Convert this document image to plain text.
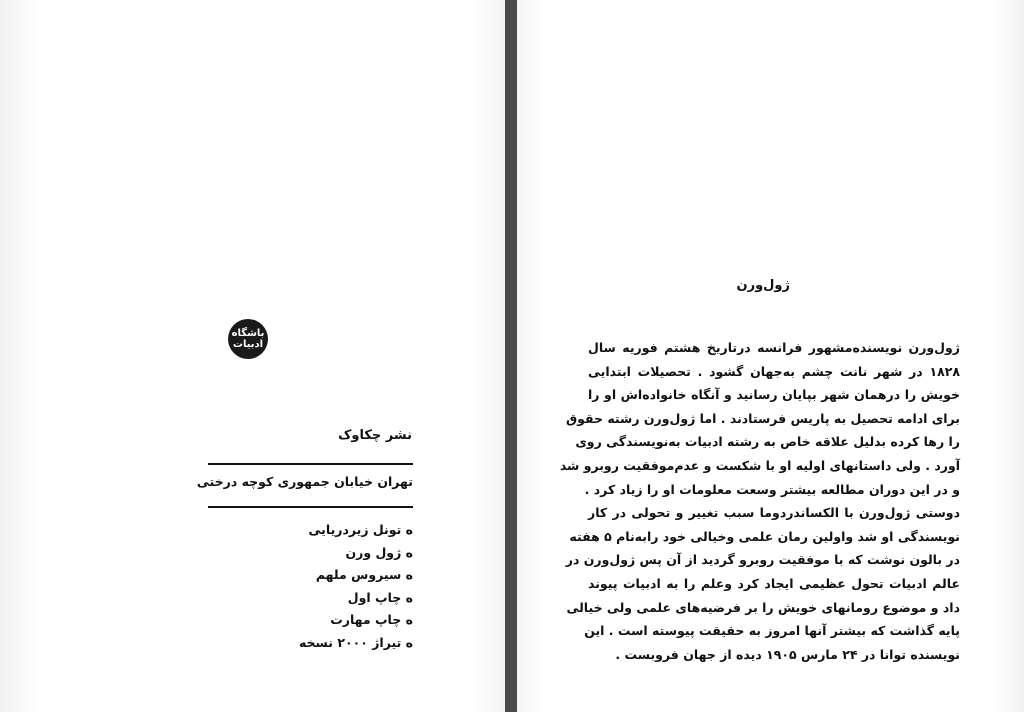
باشگاه
ادبیات
نشر چکاوک
تهران خیابان جمهوری کوچه درختی
ه تونل زیردریایی
ه ژول ورن
ه سیروس ملهم
ه چاپ اول
ه چاپ مهارت
ه تیراژ ۲۰۰۰ نسخه
ژول‌ورن
ژول‌ورن نویسنده‌مشهور فرانسه درتاریخ هشتم فوریه سال
۱۸۲۸ در شهر نانت چشم به‌جهان گشود . تحصیلات ابتدایی
خویش را درهمان شهر بپایان رسانید و آنگاه خانواده‌اش او را
برای ادامه تحصیل به پاریس فرستادند . اما ژول‌ورن رشته حقوق
را رها کرده بدلیل علاقه خاص به رشته ادبیات به‌نویسندگی روی
آورد . ولی داستانهای اولیه او با شکست و عدم‌موفقیت روبرو شد
و در این دوران مطالعه بیشتر وسعت معلومات او را زیاد کرد .
دوستی ژول‌ورن با الکساندردوما سبب تغییر و تحولی در کار
نویسندگی او شد واولین رمان علمی وخیالی خود رابه‌نام ۵ هفته
در بالون نوشت که با موفقیت روبرو گردید از آن پس ژول‌ورن در
عالم ادبیات تحول عظیمی ایجاد کرد وعلم را به ادبیات پیوند
داد و موضوع رومانهای خویش را بر فرضیه‌های علمی ولی خیالی
پایه گذاشت که بیشتر آنها امروز به حقیقت پیوسته است . این
نویسنده توانا در ۲۴ مارس ۱۹۰۵ دیده از جهان فروبست .
